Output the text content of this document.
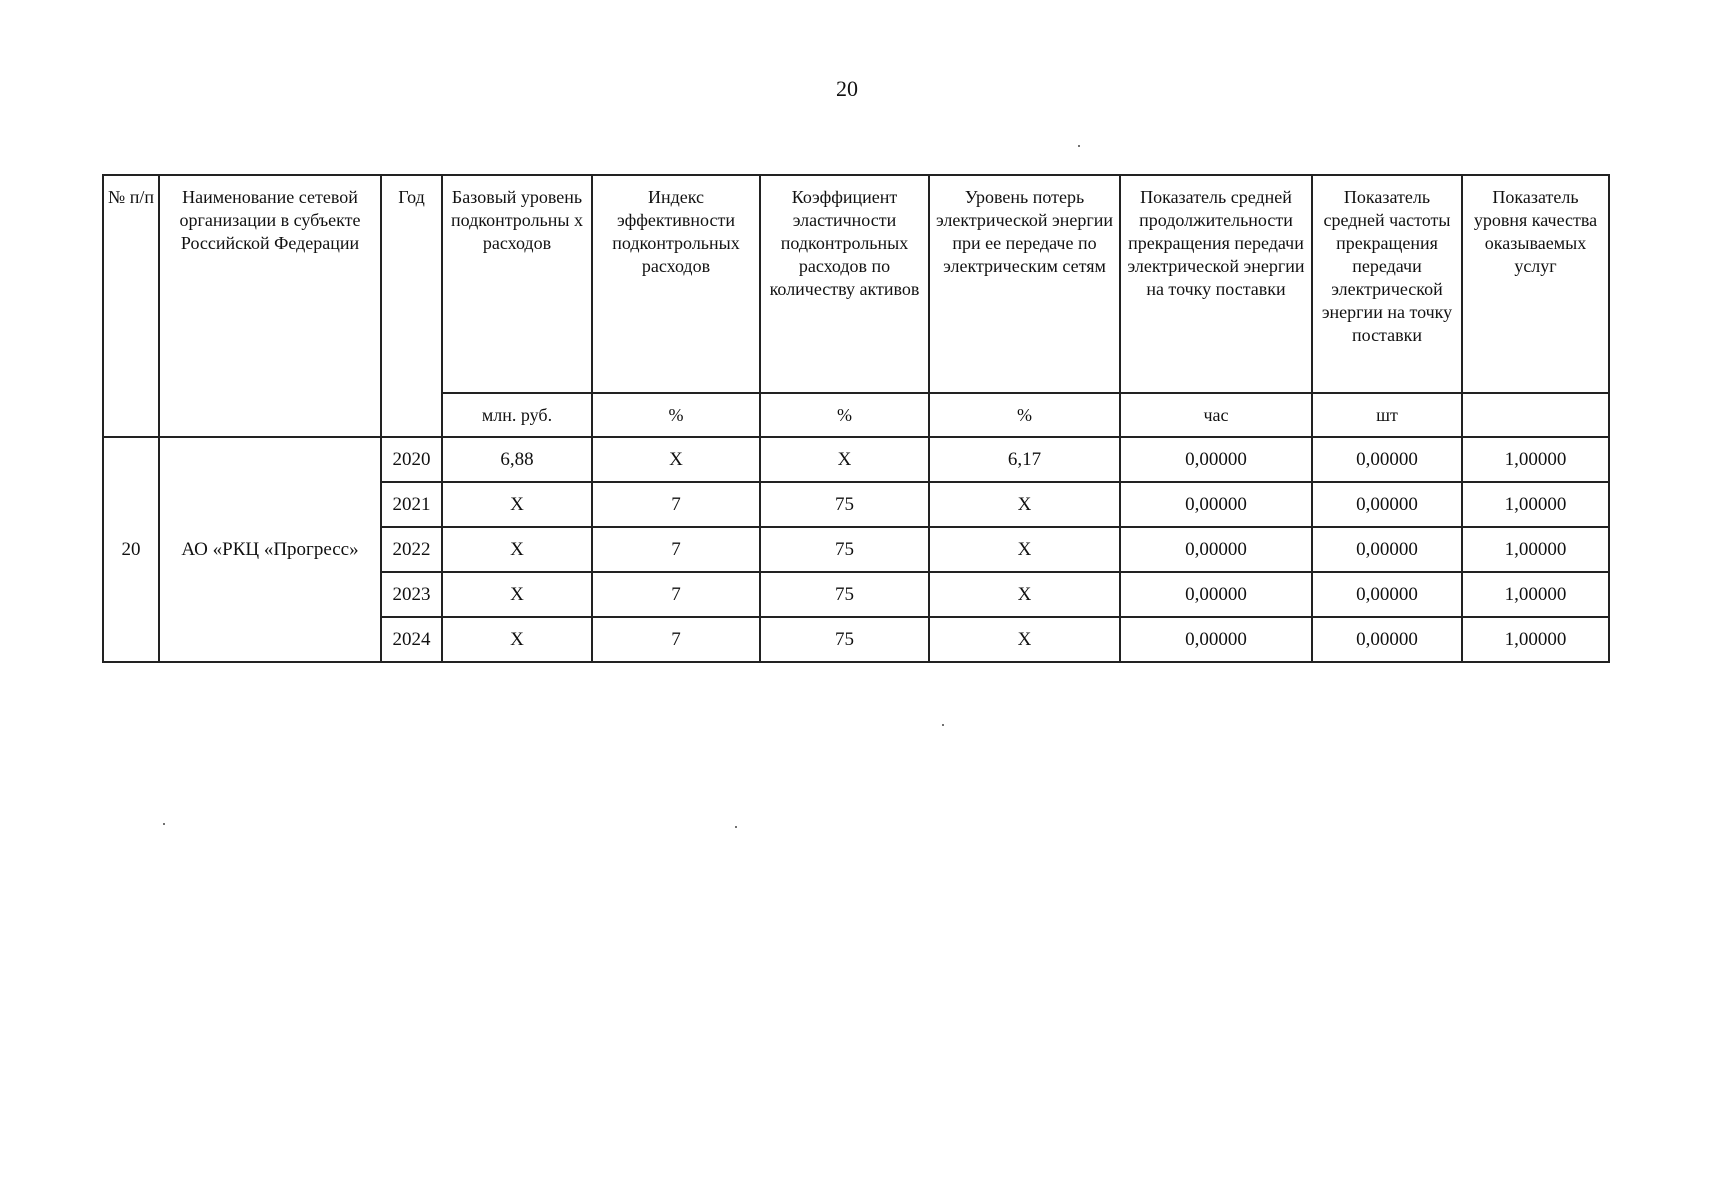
20
№ п/п	Наименование сетевой организации в субъекте Российской Федерации	Год	Базовый уровень подконтрольны х расходов	Индекс эффективности подконтрольных расходов	Коэффициент эластичности подконтрольных расходов по количеству активов	Уровень потерь электрической энергии при ее передаче по электрическим сетям	Показатель средней продолжительности прекращения передачи электрической энергии на точку поставки	Показатель средней частоты прекращения передачи электрической энергии на точку поставки	Показатель уровня качества оказываемых услуг
			млн. руб.	%	%	%	час	шт	
20	АО «РКЦ «Прогресс»	2020	6,88	Х	Х	6,17	0,00000	0,00000	1,00000
		2021	Х	7	75	Х	0,00000	0,00000	1,00000
		2022	Х	7	75	Х	0,00000	0,00000	1,00000
		2023	Х	7	75	Х	0,00000	0,00000	1,00000
		2024	Х	7	75	Х	0,00000	0,00000	1,00000
